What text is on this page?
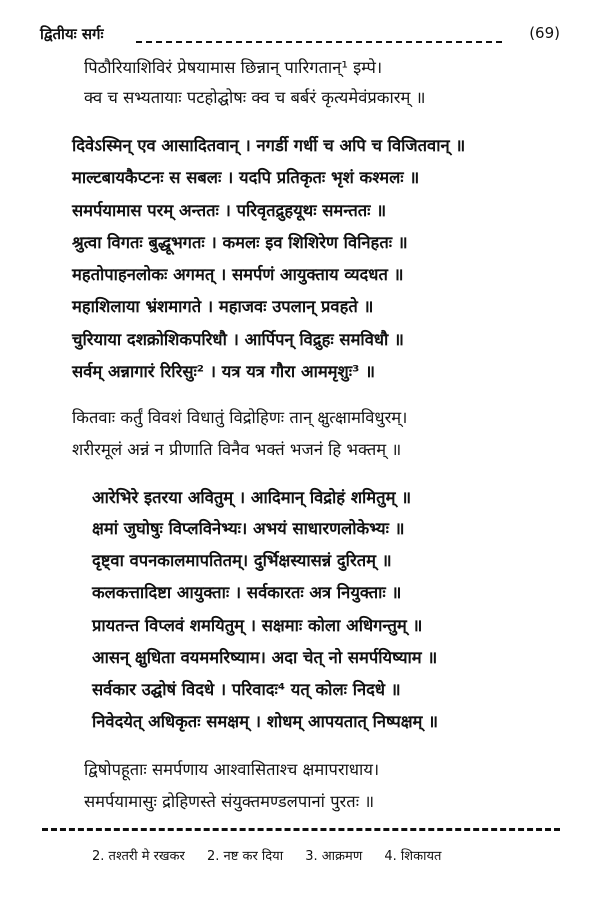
द्वितीयः सर्गः	(69)
पिठौरियाशिविरं प्रेषयामास छिन्नान् पारिगतान्¹ इम्पे।
क्व च सभ्यतायाः पटहोद्घोषः क्व च बर्बरं कृत्यमेवंप्रकारम् ॥
दिवेऽस्मिन् एव आसादितवान् । नगर्डी गर्धी च अपि च विजितवान् ॥
माल्टबायकैप्टनः स सबलः । यदपि प्रतिकृतः भृशं कश्मलः ॥
समर्पयामास परम् अन्ततः । परिवृतद्रुहयूथः समन्ततः ॥
श्रुत्वा विगतः बुद्धूभगतः । कमलः इव शिशिरेण विनिहतः ॥
महतोपाहनलोकः अगमत् । समर्पणं आयुक्ताय व्यदधत ॥
महाशिलाया भ्रंशमागते । महाजवः उपलान् प्रवहते ॥
चुरियाया दशक्रोशिकपरिधौ । आर्पिपन् विद्रुहः समविधौ ॥
सर्वम् अन्नागारं रिरिसुः² । यत्र यत्र गौरा आममृशुः³ ॥
कितवाः कर्तुं विवशं विधातुं विद्रोहिणः तान् क्षुत्क्षामविधुरम्।
शरीरमूलं अन्नं न प्रीणाति विनैव भक्तं भजनं हि भक्तम् ॥
आरेभिरे इतरया अवितुम् । आदिमान् विद्रोहं शमितुम् ॥
क्षमां जुघोषुः विप्लविनेभ्यः। अभयं साधारणलोकेभ्यः ॥
दृष्ट्वा वपनकालमापतितम्। दुर्भिक्षस्यासन्नं दुरितम् ॥
कलकत्तादिष्टा आयुक्ताः । सर्वकारतः अत्र नियुक्ताः ॥
प्रायतन्त विप्लवं शमयितुम् । सक्षमाः कोला अधिगन्तुम् ॥
आसन् क्षुधिता वयममरिष्याम। अदा चेत् नो समर्पयिष्याम ॥
सर्वकार उद्घोषं विदधे । परिवादः⁴ यत् कोलः निदधे ॥
निवेदयेत् अधिकृतः समक्षम् । शोधम् आपयतात् निष्पक्षम् ॥
द्विषोपहूताः समर्पणाय आश्वासिताश्च क्षमापराधाय।
समर्पयामासुः द्रोहिणस्ते संयुक्तमण्डलपानां पुरतः ॥
2. तश्तरी मे रखकर 2. नष्ट कर दिया 3. आक्रमण 4. शिकायत
